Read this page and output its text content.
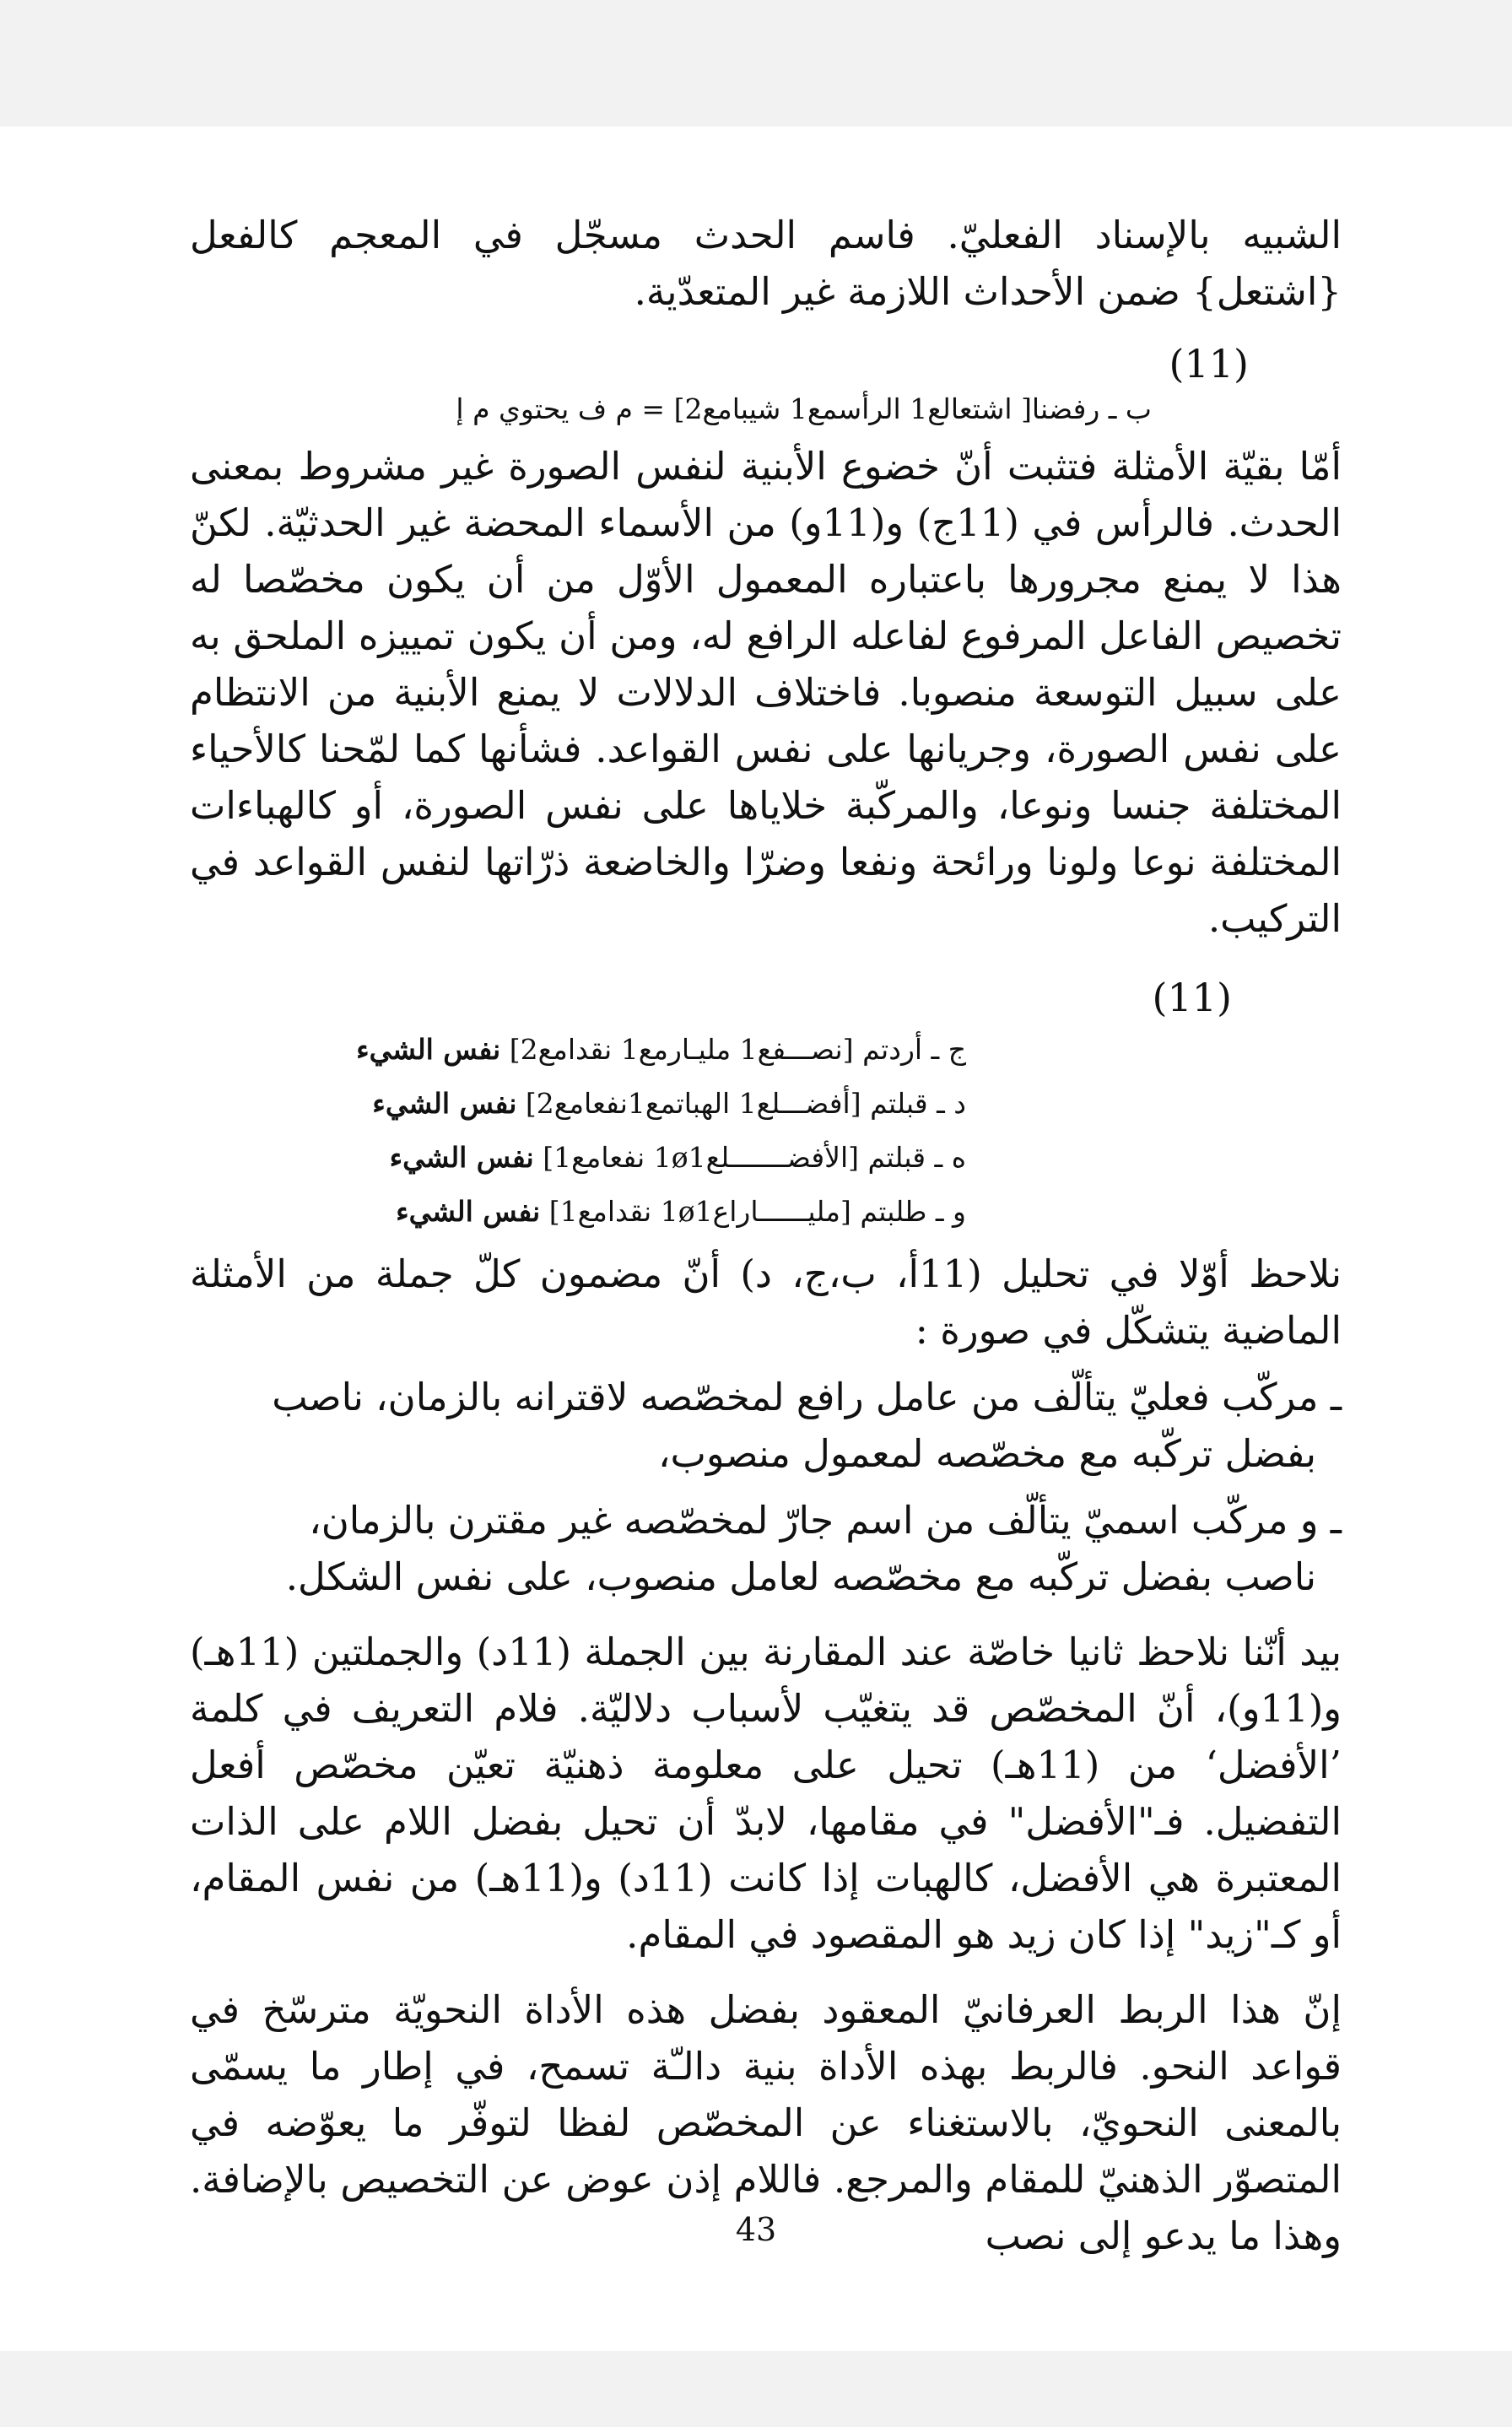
الشبيه بالإسناد الفعليّ. فاسم الحدث مسجّل في المعجم كالفعل {اشتعل} ضمن الأحداث اللازمة غير المتعدّية.

(11)
ب ـ رفضنا[ اشتعالع1 الرأسمع1 شيبامع2] = م ف يحتوي م إ

أمّا بقيّة الأمثلة فتثبت أنّ خضوع الأبنية لنفس الصورة غير مشروط بمعنى الحدث. فالرأس في (11ج) و(11و) من الأسماء المحضة غير الحدثيّة. لكنّ هذا لا يمنع مجرورها باعتباره المعمول الأوّل من أن يكون مخصّصا له تخصيص الفاعل المرفوع لفاعله الرافع له، ومن أن يكون تمييزه الملحق به على سبيل التوسعة منصوبا. فاختلاف الدلالات لا يمنع الأبنية من الانتظام على نفس الصورة، وجريانها على نفس القواعد. فشأنها كما لمّحنا كالأحياء المختلفة جنسا ونوعا، والمركّبة خلاياها على نفس الصورة، أو كالهباءات المختلفة نوعا ولونا ورائحة ونفعا وضرّا والخاضعة ذرّاتها لنفس القواعد في التركيب.

(11)
ج ـ أردتم [نصـــفع1 مليـارمع1 نقدامع2] نفس الشيء
د ـ قبلتم [أفضـــلع1 الهباتمع1نفعامع2] نفس الشيء
ه ـ قبلتم [الأفضـــــــلع1ø1 نفعامع1] نفس الشيء
و ـ طلبتم [مليــــــاراع1ø1 نقدامع1] نفس الشيء

نلاحظ أوّلا في تحليل (11أ، ب،ج، د) أنّ مضمون كلّ جملة من الأمثلة الماضية يتشكّل في صورة :

ـ مركّب فعليّ يتألّف من عامل رافع لمخصّصه لاقترانه بالزمان، ناصب
بفضل تركّبه مع مخصّصه لمعمول منصوب،
ـ و مركّب اسميّ يتألّف من اسم جارّ لمخصّصه غير مقترن بالزمان،
ناصب بفضل تركّبه مع مخصّصه لعامل منصوب، على نفس الشكل.

بيد أنّنا نلاحظ ثانيا خاصّة عند المقارنة بين الجملة (11د) والجملتين (11هـ) و(11و)، أنّ المخصّص قد يتغيّب لأسباب دلاليّة. فلام التعريف في كلمة ’الأفضل‘ من (11هـ) تحيل على معلومة ذهنيّة تعيّن مخصّص أفعل التفضيل. فـ"الأفضل" في مقامها، لابدّ أن تحيل بفضل اللام على الذات المعتبرة هي الأفضل، كالهبات إذا كانت (11د) و(11هـ) من نفس المقام، أو كـ"زيد" إذا كان زيد هو المقصود في المقام.

إنّ هذا الربط العرفانيّ المعقود بفضل هذه الأداة النحويّة مترسّخ في قواعد النحو. فالربط بهذه الأداة بنية دالـّة تسمح، في إطار ما يسمّى بالمعنى النحويّ، بالاستغناء عن المخصّص لفظا لتوفّر ما يعوّضه في المتصوّر الذهنيّ للمقام والمرجع. فاللام إذن عوض عن التخصيص بالإضافة. وهذا ما يدعو إلى نصب

43
